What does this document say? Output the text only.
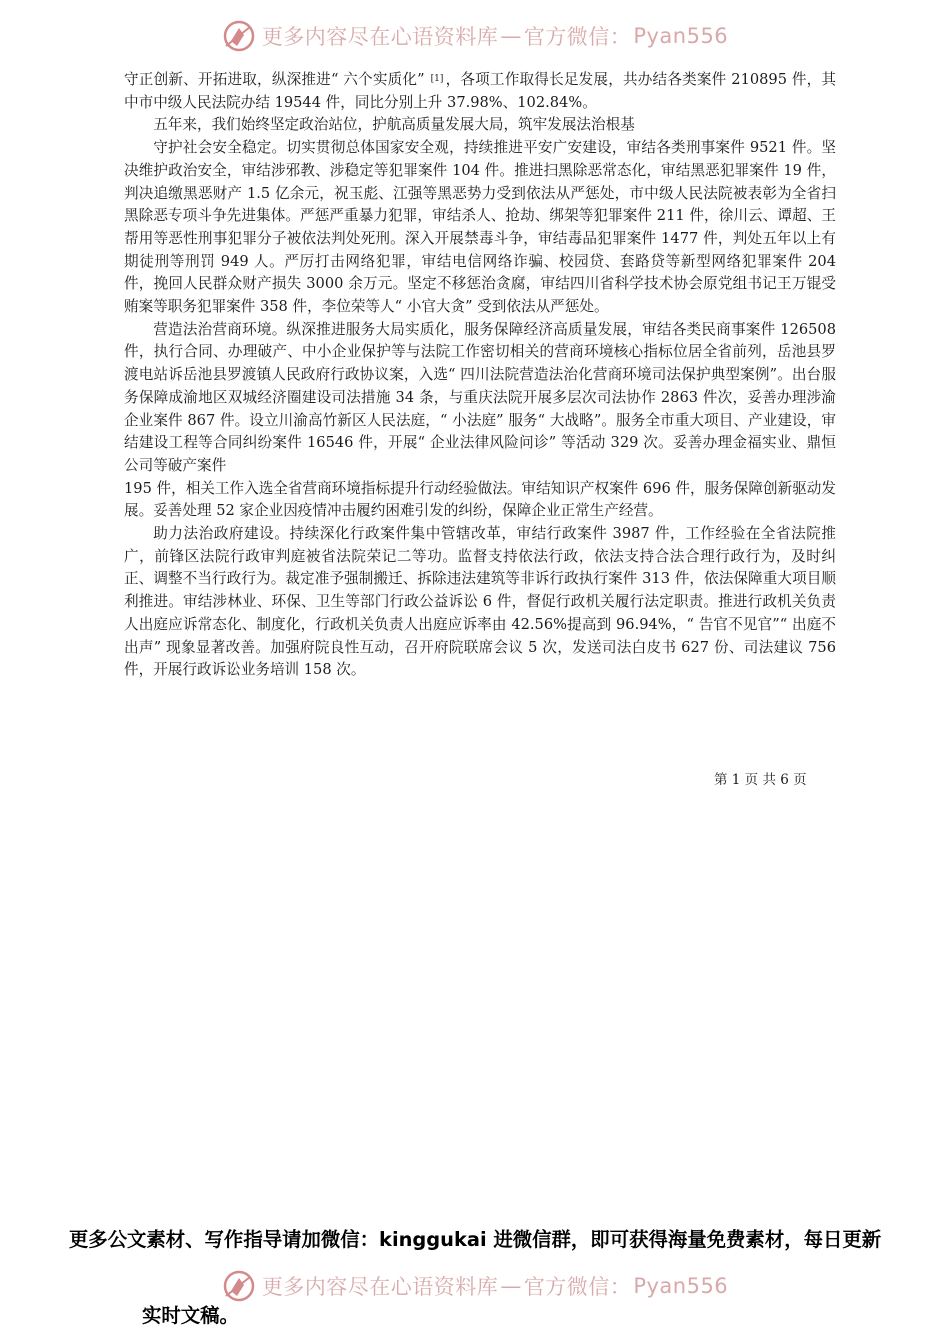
更多内容尽在心语资料库 — 官方微信： Pyan556

守正创新、开拓进取，纵深推进“ 六个实质化” [1] ，各项工作取得长足发展，共办结各类案件 210895 件，其中市中级人民法院办结 19544 件，同比分别上升 37.98%、102.84%。

五年来，我们始终坚定政治站位，护航高质量发展大局，筑牢发展法治根基

守护社会安全稳定。切实贯彻总体国家安全观，持续推进平安广安建设，审结各类刑事案件 9521 件。坚决维护政治安全，审结涉邪教、涉稳定等犯罪案件 104 件。推进扫黑除恶常态化，审结黑恶犯罪案件 19 件，判决追缴黑恶财产 1.5 亿余元，祝玉彪、江强等黑恶势力受到依法从严惩处，市中级人民法院被表彰为全省扫黑除恶专项斗争先进集体。严惩严重暴力犯罪，审结杀人、抢劫、绑架等犯罪案件 211 件，徐川云、谭超、王帮用等恶性刑事犯罪分子被依法判处死刑。深入开展禁毒斗争，审结毒品犯罪案件 1477 件，判处五年以上有期徒刑等刑罚 949 人。严厉打击网络犯罪，审结电信网络诈骗、校园贷、套路贷等新型网络犯罪案件 204 件，挽回人民群众财产损失 3000 余万元。坚定不移惩治贪腐，审结四川省科学技术协会原党组书记王万锟受贿案等职务犯罪案件 358 件，李位荣等人“ 小官大贪” 受到依法从严惩处。

营造法治营商环境。纵深推进服务大局实质化，服务保障经济高质量发展，审结各类民商事案件 126508 件，执行合同、办理破产、中小企业保护等与法院工作密切相关的营商环境核心指标位居全省前列，岳池县罗渡电站诉岳池县罗渡镇人民政府行政协议案，入选“ 四川法院营造法治化营商环境司法保护典型案例”。出台服务保障成渝地区双城经济圈建设司法措施 34 条，与重庆法院开展多层次司法协作 2863 件次，妥善办理涉渝企业案件 867 件。设立川渝高竹新区人民法庭，“ 小法庭” 服务“ 大战略”。服务全市重大项目、产业建设，审结建设工程等合同纠纷案件 16546 件，开展“ 企业法律风险问诊” 等活动 329 次。妥善办理金福实业、鼎恒公司等破产案件

195 件，相关工作入选全省营商环境指标提升行动经验做法。审结知识产权案件 696 件，服务保障创新驱动发展。妥善处理 52 家企业因疫情冲击履约困难引发的纠纷，保障企业正常生产经营。

助力法治政府建设。持续深化行政案件集中管辖改革，审结行政案件 3987 件，工作经验在全省法院推广，前锋区法院行政审判庭被省法院荣记二等功。监督支持依法行政，依法支持合法合理行政行为，及时纠正、调整不当行政行为。裁定准予强制搬迁、拆除违法建筑等非诉行政执行案件 313 件，依法保障重大项目顺利推进。审结涉林业、环保、卫生等部门行政公益诉讼 6 件，督促行政机关履行法定职责。推进行政机关负责人出庭应诉常态化、制度化，行政机关负责人出庭应诉率由 42.56%提高到 96.94%，“ 告官不见官”“ 出庭不出声” 现象显著改善。加强府院良性互动，召开府院联席会议 5 次，发送司法白皮书 627 份、司法建议 756 件，开展行政诉讼业务培训 158 次。

第 1 页 共 6 页
更多公文素材、写作指导请加微信：kinggukai 进微信群，即可获得海量免费素材，每日更新
更多内容尽在心语资料库 — 官方微信： Pyan556
实时文稿。
